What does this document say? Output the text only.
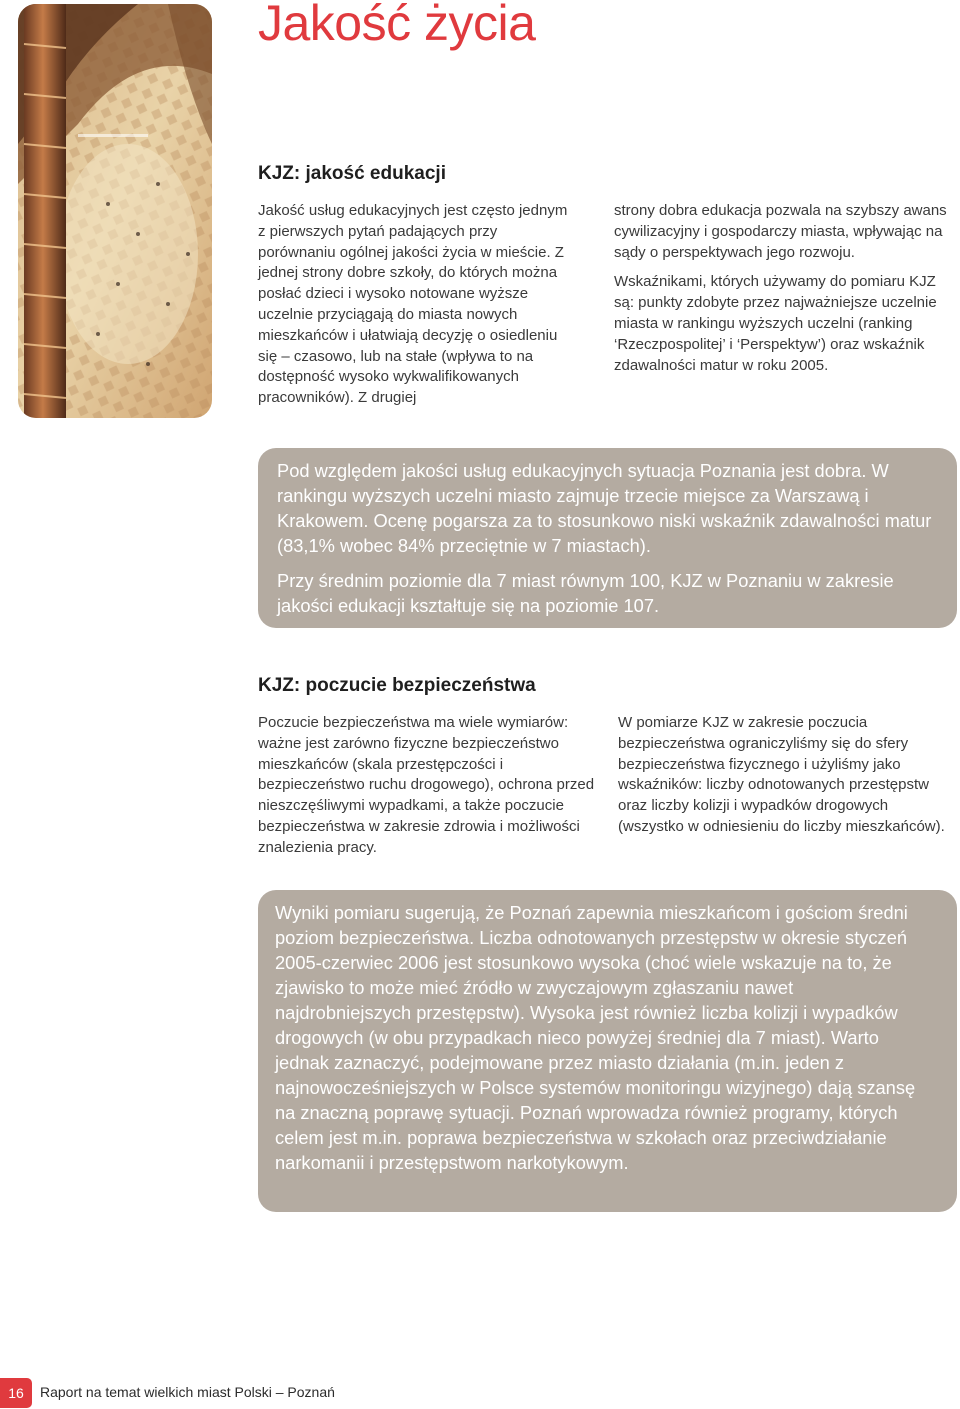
Jakość życia
KJZ: jakość edukacji

Jakość usług edukacyjnych jest często jednym z pierwszych pytań padających przy porównaniu ogólnej jakości życia w mieście. Z jednej strony dobre szkoły, do których można posłać dzieci i wysoko notowane wyższe uczelnie przyciągają do miasta nowych mieszkańców i ułatwiają decyzję o osiedleniu się – czasowo, lub na stałe (wpływa to na dostępność wysoko wykwalifikowanych pracowników). Z drugiej

strony dobra edukacja pozwala na szybszy awans cywilizacyjny i gospodarczy miasta, wpływając na sądy o perspektywach jego rozwoju.

Wskaźnikami, których używamy do pomiaru KJZ są: punkty zdobyte przez najważniejsze uczelnie miasta w rankingu wyższych uczelni (ranking ‘Rzeczpospolitej’ i ‘Perspektyw’) oraz wskaźnik zdawalności matur w roku 2005.

Pod względem jakości usług edukacyjnych sytuacja Poznania jest dobra. W rankingu wyższych uczelni miasto zajmuje trzecie miejsce za Warszawą i Krakowem. Ocenę pogarsza za to stosunkowo niski wskaźnik zdawalności matur (83,1% wobec 84% przeciętnie w 7 miastach).

Przy średnim poziomie dla 7 miast równym 100, KJZ w Poznaniu w zakresie jakości edukacji kształtuje się na poziomie 107.

KJZ: poczucie bezpieczeństwa

Poczucie bezpieczeństwa ma wiele wymiarów: ważne jest zarówno fizyczne bezpieczeństwo mieszkańców (skala przestępczości i bezpieczeństwo ruchu drogowego), ochrona przed nieszczęśliwymi wypadkami, a także poczucie bezpieczeństwa w zakresie zdrowia i możliwości znalezienia pracy.

W pomiarze KJZ w zakresie poczucia bezpieczeństwa ograniczyliśmy się do sfery bezpieczeństwa fizycznego i użyliśmy jako wskaźników: liczby odnotowanych przestępstw oraz liczby kolizji i wypadków drogowych (wszystko w odniesieniu do liczby mieszkańców).

Wyniki pomiaru sugerują, że Poznań zapewnia mieszkańcom i gościom średni poziom bezpieczeństwa. Liczba odnotowanych przestępstw w okresie styczeń 2005-czerwiec 2006 jest stosunkowo wysoka (choć wiele wskazuje na to, że zjawisko to może mieć źródło w zwyczajowym zgłaszaniu nawet najdrobniejszych przestępstw). Wysoka jest również liczba kolizji i wypadków drogowych (w obu przypadkach nieco powyżej średniej dla 7 miast). Warto jednak zaznaczyć, podejmowane przez miasto działania (m.in. jeden z najnowocześniejszych w Polsce systemów monitoringu wizyjnego) dają szansę na znaczną poprawę sytuacji. Poznań wprowadza również programy, których celem jest m.in. poprawa bezpieczeństwa w szkołach oraz przeciwdziałanie narkomanii i przestępstwom narkotykowym.

16	Raport na temat wielkich miast Polski – Poznań
